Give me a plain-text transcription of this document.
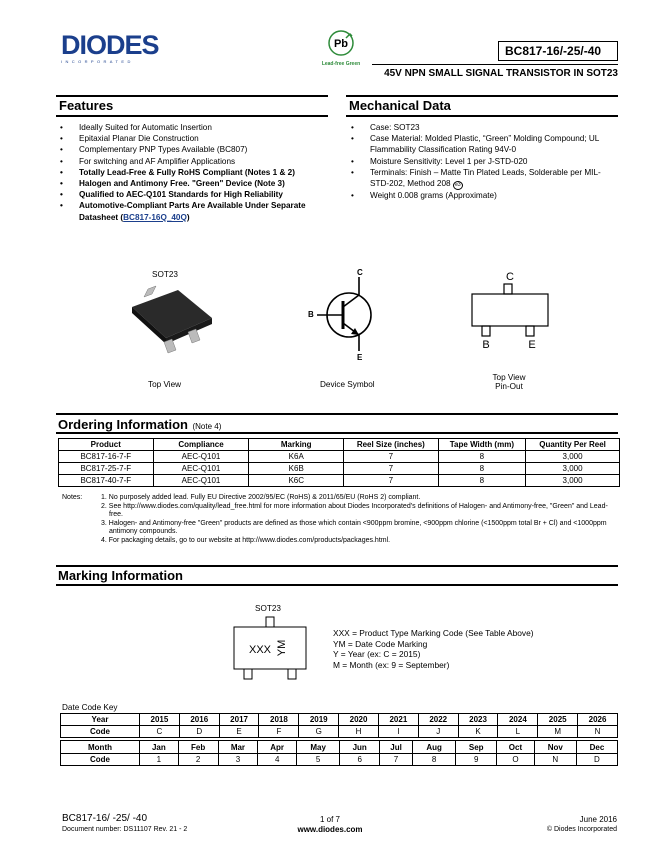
DIODES
INCORPORATED
Pb
Lead-free Green
BC817-16/-25/-40
45V NPN SMALL SIGNAL TRANSISTOR IN SOT23
Features
• Ideally Suited for Automatic Insertion
• Epitaxial Planar Die Construction
• Complementary PNP Types Available (BC807)
• For switching and AF Amplifier Applications
• Totally Lead-Free & Fully RoHS Compliant (Notes 1 & 2)
• Halogen and Antimony Free. "Green" Device (Note 3)
• Qualified to AEC-Q101 Standards for High Reliability
• Automotive-Compliant Parts Are Available Under Separate Datasheet (BC817-16Q_40Q)
Mechanical Data
• Case: SOT23
• Case Material: Molded Plastic, “Green” Molding Compound; UL Flammability Classification Rating 94V-0
• Moisture Sensitivity: Level 1 per J-STD-020
• Terminals: Finish – Matte Tin Plated Leads, Solderable per MIL-STD-202, Method 208 e3
• Weight 0.008 grams (Approximate)
SOT23
Top View
C
B
E
Device Symbol
C
B	E
Top View
Pin-Out
Ordering Information (Note 4)
Product	Compliance	Marking	Reel Size (inches)	Tape Width (mm)	Quantity Per Reel
BC817-16-7-F	AEC-Q101	K6A	7	8	3,000
BC817-25-7-F	AEC-Q101	K6B	7	8	3,000
BC817-40-7-F	AEC-Q101	K6C	7	8	3,000
Notes:	1. No purposely added lead. Fully EU Directive 2002/95/EC (RoHS) & 2011/65/EU (RoHS 2) compliant.
2. See http://www.diodes.com/quality/lead_free.html for more information about Diodes Incorporated’s definitions of Halogen- and Antimony-free, "Green" and Lead-free.
3. Halogen- and Antimony-free "Green" products are defined as those which contain <900ppm bromine, <900ppm chlorine (<1500ppm total Br + Cl) and <1000ppm antimony compounds.
4. For packaging details, go to our website at http://www.diodes.com/products/packages.html.
Marking Information
SOT23
XXX YM
XXX = Product Type Marking Code (See Table Above)
YM = Date Code Marking
Y = Year (ex: C = 2015)
M = Month (ex: 9 = September)
Date Code Key
Year	2015	2016	2017	2018	2019	2020	2021	2022	2023	2024	2025	2026
Code	C	D	E	F	G	H	I	J	K	L	M	N
Month	Jan	Feb	Mar	Apr	May	Jun	Jul	Aug	Sep	Oct	Nov	Dec
Code	1	2	3	4	5	6	7	8	9	O	N	D
BC817-16/ -25/ -40
Document number: DS11107 Rev. 21 - 2
1 of 7
www.diodes.com
June 2016
© Diodes Incorporated
